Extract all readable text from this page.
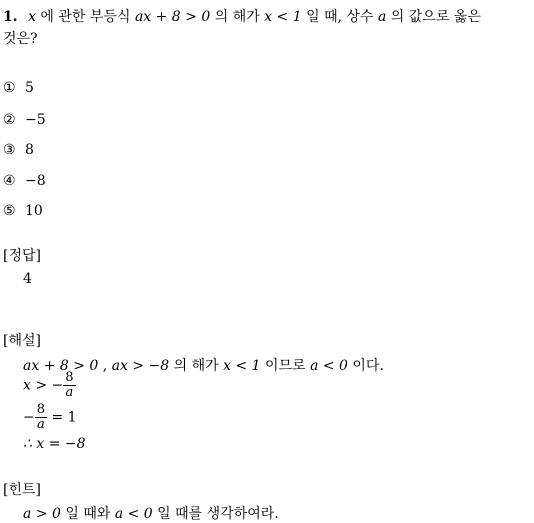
1. x 에 관한 부등식 ax + 8 > 0 의 해가 x < 1 일 때, 상수 a 의 값으로 옳은
것은?
① 5
② −5
③ 8
④ −8
⑤ 10
[정답]
4
[해설]
ax + 8 > 0 , ax > −8 의 해가 x < 1 이므로 a < 0 이다.
x > − $\frac{8}{a}$
− $\frac{8}{a} = 1$
∴ x = −8
[힌트]
a > 0 일 때와 a < 0 일 때를 생각하여라.
